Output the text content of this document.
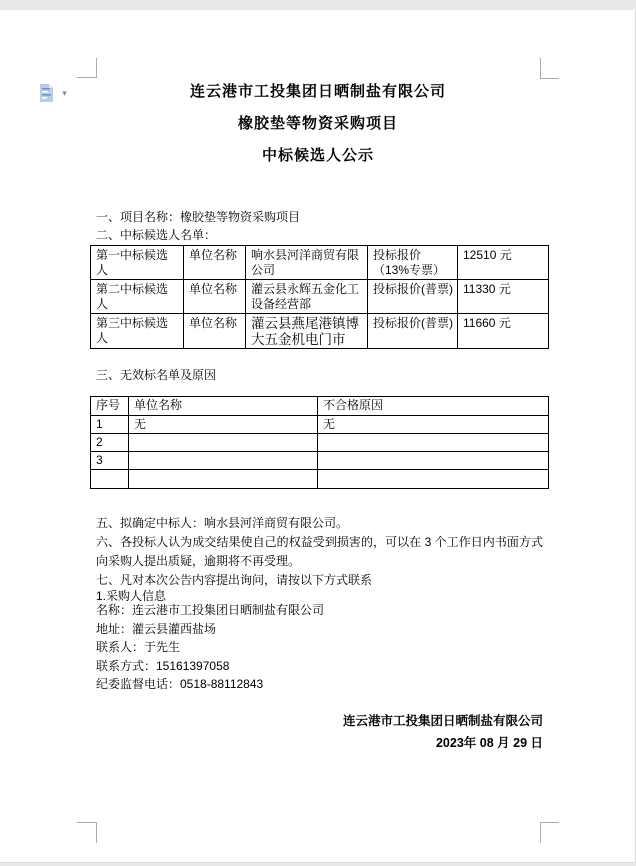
▾	连云港市工投集团日晒制盐有限公司
橡胶垫等物资采购项目
中标候选人公示
一、项目名称：橡胶垫等物资采购项目
二、中标候选人名单：
第一中标候选人	单位名称	响水县河洋商贸有限公司	投标报价（13%专票）	12510 元
第二中标候选人	单位名称	灌云县永辉五金化工设备经营部	投标报价(普票)	11330 元
第三中标候选人	单位名称	灌云县燕尾港镇博大五金机电门市	投标报价(普票)	11660 元
三、无效标名单及原因
序号	单位名称	不合格原因
1	无	无
2		
3		

五、拟确定中标人：响水县河洋商贸有限公司。
六、各投标人认为成交结果使自己的权益受到损害的，可以在 3 个工作日内书面方式向采购人提出质疑，逾期将不再受理。
七、凡对本次公告内容提出询问，请按以下方式联系
1.采购人信息
名称：连云港市工投集团日晒制盐有限公司
地址：灌云县灌西盐场
联系人：于先生
联系方式：15161397058
纪委监督电话：0518-88112843
连云港市工投集团日晒制盐有限公司
2023年 08 月 29 日
